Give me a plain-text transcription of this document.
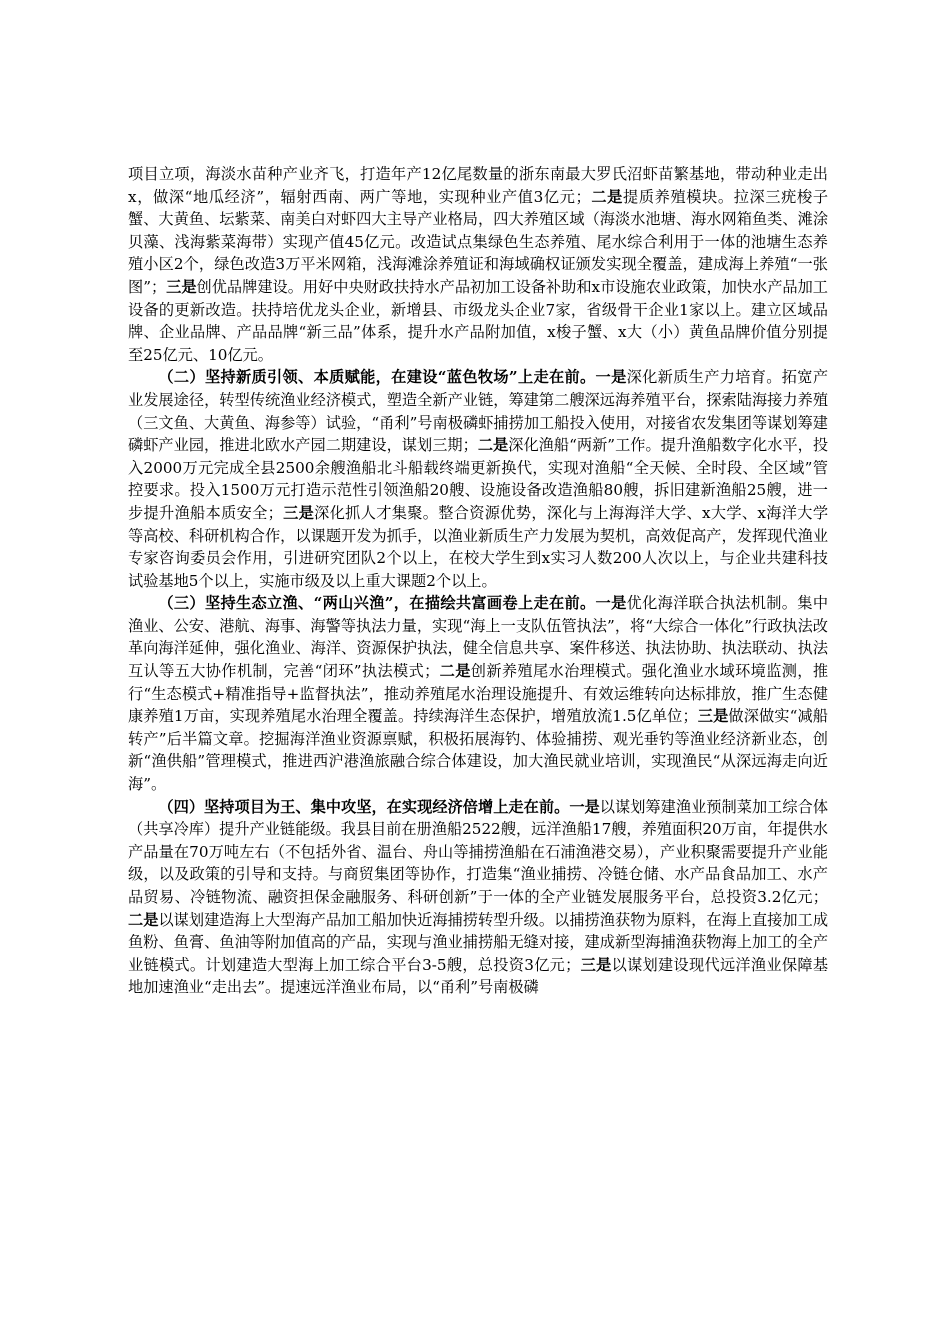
项目立项，海淡水苗种产业齐飞，打造年产12亿尾数量的浙东南最大罗氏沼虾苗繁基地，带动种业走出x，做深“地瓜经济”，辐射西南、两广等地，实现种业产值3亿元；二是提质养殖模块。拉深三疣梭子蟹、大黄鱼、坛紫菜、南美白对虾四大主导产业格局，四大养殖区域（海淡水池塘、海水网箱鱼类、滩涂贝藻、浅海紫菜海带）实现产值45亿元。改造试点集绿色生态养殖、尾水综合利用于一体的池塘生态养殖小区2个，绿色改造3万平米网箱，浅海滩涂养殖证和海域确权证颁发实现全覆盖，建成海上养殖“一张图”；三是创优品牌建设。用好中央财政扶持水产品初加工设备补助和x市设施农业政策，加快水产品加工设备的更新改造。扶持培优龙头企业，新增县、市级龙头企业7家，省级骨干企业1家以上。建立区域品牌、企业品牌、产品品牌“新三品”体系，提升水产品附加值，x梭子蟹、x大（小）黄鱼品牌价值分别提至25亿元、10亿元。

（二）坚持新质引领、本质赋能，在建设“蓝色牧场”上走在前。一是深化新质生产力培育。拓宽产业发展途径，转型传统渔业经济模式，塑造全新产业链，筹建第二艘深远海养殖平台，探索陆海接力养殖（三文鱼、大黄鱼、海参等）试验，“甬利”号南极磷虾捕捞加工船投入使用，对接省农发集团等谋划筹建磷虾产业园，推进北欧水产园二期建设，谋划三期；二是深化渔船“两新”工作。提升渔船数字化水平，投入2000万元完成全县2500余艘渔船北斗船载终端更新换代，实现对渔船“全天候、全时段、全区域”管控要求。投入1500万元打造示范性引领渔船20艘、设施设备改造渔船80艘，拆旧建新渔船25艘，进一步提升渔船本质安全；三是深化抓人才集聚。整合资源优势，深化与上海海洋大学、x大学、x海洋大学等高校、科研机构合作，以课题开发为抓手，以渔业新质生产力发展为契机，高效促高产，发挥现代渔业专家咨询委员会作用，引进研究团队2个以上，在校大学生到x实习人数200人次以上，与企业共建科技试验基地5个以上，实施市级及以上重大课题2个以上。

（三）坚持生态立渔、“两山兴渔”，在描绘共富画卷上走在前。一是优化海洋联合执法机制。集中渔业、公安、港航、海事、海警等执法力量，实现“海上一支队伍管执法”，将“大综合一体化”行政执法改革向海洋延伸，强化渔业、海洋、资源保护执法，健全信息共享、案件移送、执法协助、执法联动、执法互认等五大协作机制，完善“闭环”执法模式；二是创新养殖尾水治理模式。强化渔业水域环境监测，推行“生态模式+精准指导+监督执法”，推动养殖尾水治理设施提升、有效运维转向达标排放，推广生态健康养殖1万亩，实现养殖尾水治理全覆盖。持续海洋生态保护，增殖放流1.5亿单位；三是做深做实“减船转产”后半篇文章。挖掘海洋渔业资源禀赋，积极拓展海钓、体验捕捞、观光垂钓等渔业经济新业态，创新“渔供船”管理模式，推进西沪港渔旅融合综合体建设，加大渔民就业培训，实现渔民“从深远海走向近海”。

（四）坚持项目为王、集中攻坚，在实现经济倍增上走在前。一是以谋划筹建渔业预制菜加工综合体（共享冷库）提升产业链能级。我县目前在册渔船2522艘，远洋渔船17艘，养殖面积20万亩，年提供水产品量在70万吨左右（不包括外省、温台、舟山等捕捞渔船在石浦渔港交易），产业积聚需要提升产业能级，以及政策的引导和支持。与商贸集团等协作，打造集“渔业捕捞、冷链仓储、水产品食品加工、水产品贸易、冷链物流、融资担保金融服务、科研创新”于一体的全产业链发展服务平台，总投资3.2亿元；二是以谋划建造海上大型海产品加工船加快近海捕捞转型升级。以捕捞渔获物为原料，在海上直接加工成鱼粉、鱼膏、鱼油等附加值高的产品，实现与渔业捕捞船无缝对接，建成新型海捕渔获物海上加工的全产业链模式。计划建造大型海上加工综合平台3-5艘，总投资3亿元；三是以谋划建设现代远洋渔业保障基地加速渔业“走出去”。提速远洋渔业布局，以“甬利”号南极磷
